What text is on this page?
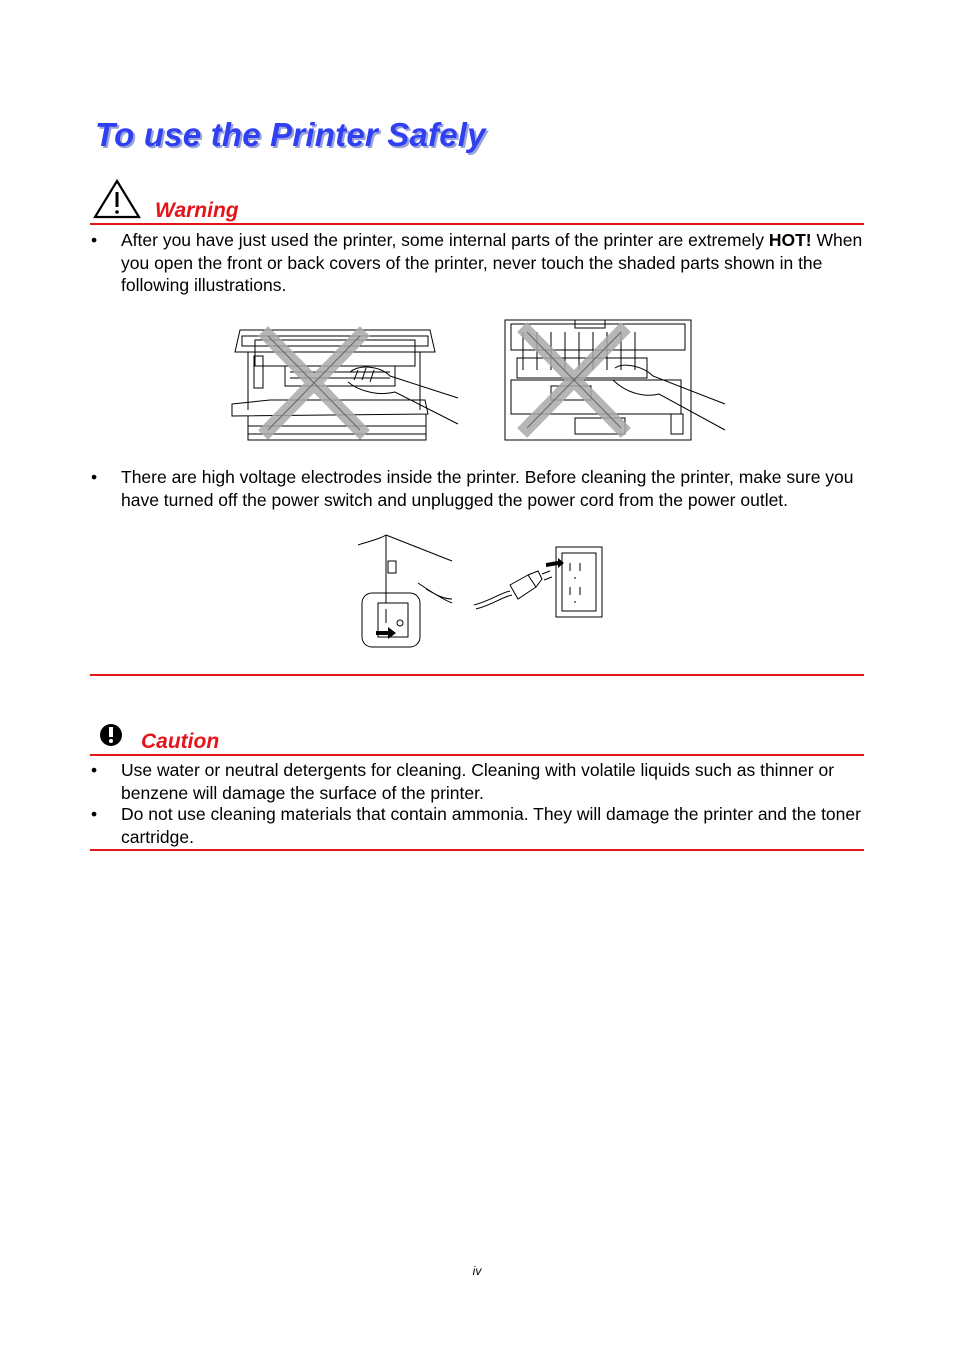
To use the Printer Safely
Warning
• After you have just used the printer, some internal parts of the printer are extremely HOT! When you open the front or back covers of the printer, never touch the shaded parts shown in the following illustrations.
• There are high voltage electrodes inside the printer. Before cleaning the printer, make sure you have turned off the power switch and unplugged the power cord from the power outlet.
Caution
• Use water or neutral detergents for cleaning. Cleaning with volatile liquids such as thinner or benzene will damage the surface of the printer.
• Do not use cleaning materials that contain ammonia. They will damage the printer and the toner cartridge.
iv
